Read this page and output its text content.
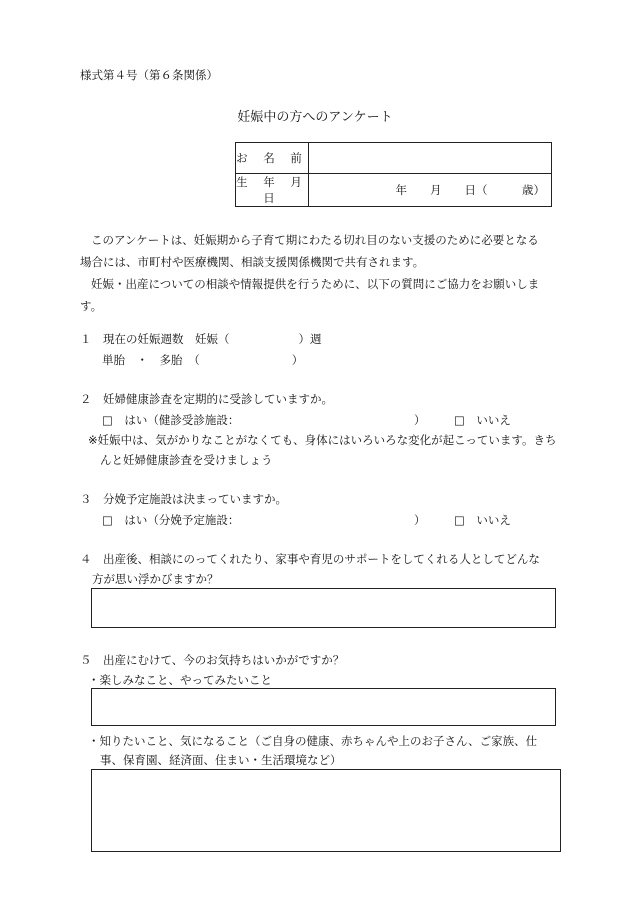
様式第４号（第６条関係）
妊娠中の方へのアンケート
お 名 前	
生 年 月 日	年　　月　　日（　　　歳）
このアンケートは、妊娠期から子育て期にわたる切れ目のない支援のために必要となる
場合には、市町村や医療機関、相談支援関係機関で共有されます。
妊娠・出産についての相談や情報提供を行うために、以下の質問にご協力をお願いしま
す。
１　現在の妊娠週数　妊娠（　　　　　　）週
単胎　・　多胎　（　　　　　　　　）
２　妊婦健康診査を定期的に受診していますか。
□　はい（健診受診施設：	） □　いいえ
※妊娠中は、気がかりなことがなくても、身体にはいろいろな変化が起こっています。きち
んと妊婦健康診査を受けましょう
３　分娩予定施設は決まっていますか。
□　はい（分娩予定施設：	） □　いいえ
４　出産後、相談にのってくれたり、家事や育児のサポートをしてくれる人としてどんな
方が思い浮かびますか？
５　出産にむけて、今のお気持ちはいかがですか？
・楽しみなこと、やってみたいこと
・知りたいこと、気になること（ご自身の健康、赤ちゃんや上のお子さん、ご家族、仕
事、保育園、経済面、住まい・生活環境など）
